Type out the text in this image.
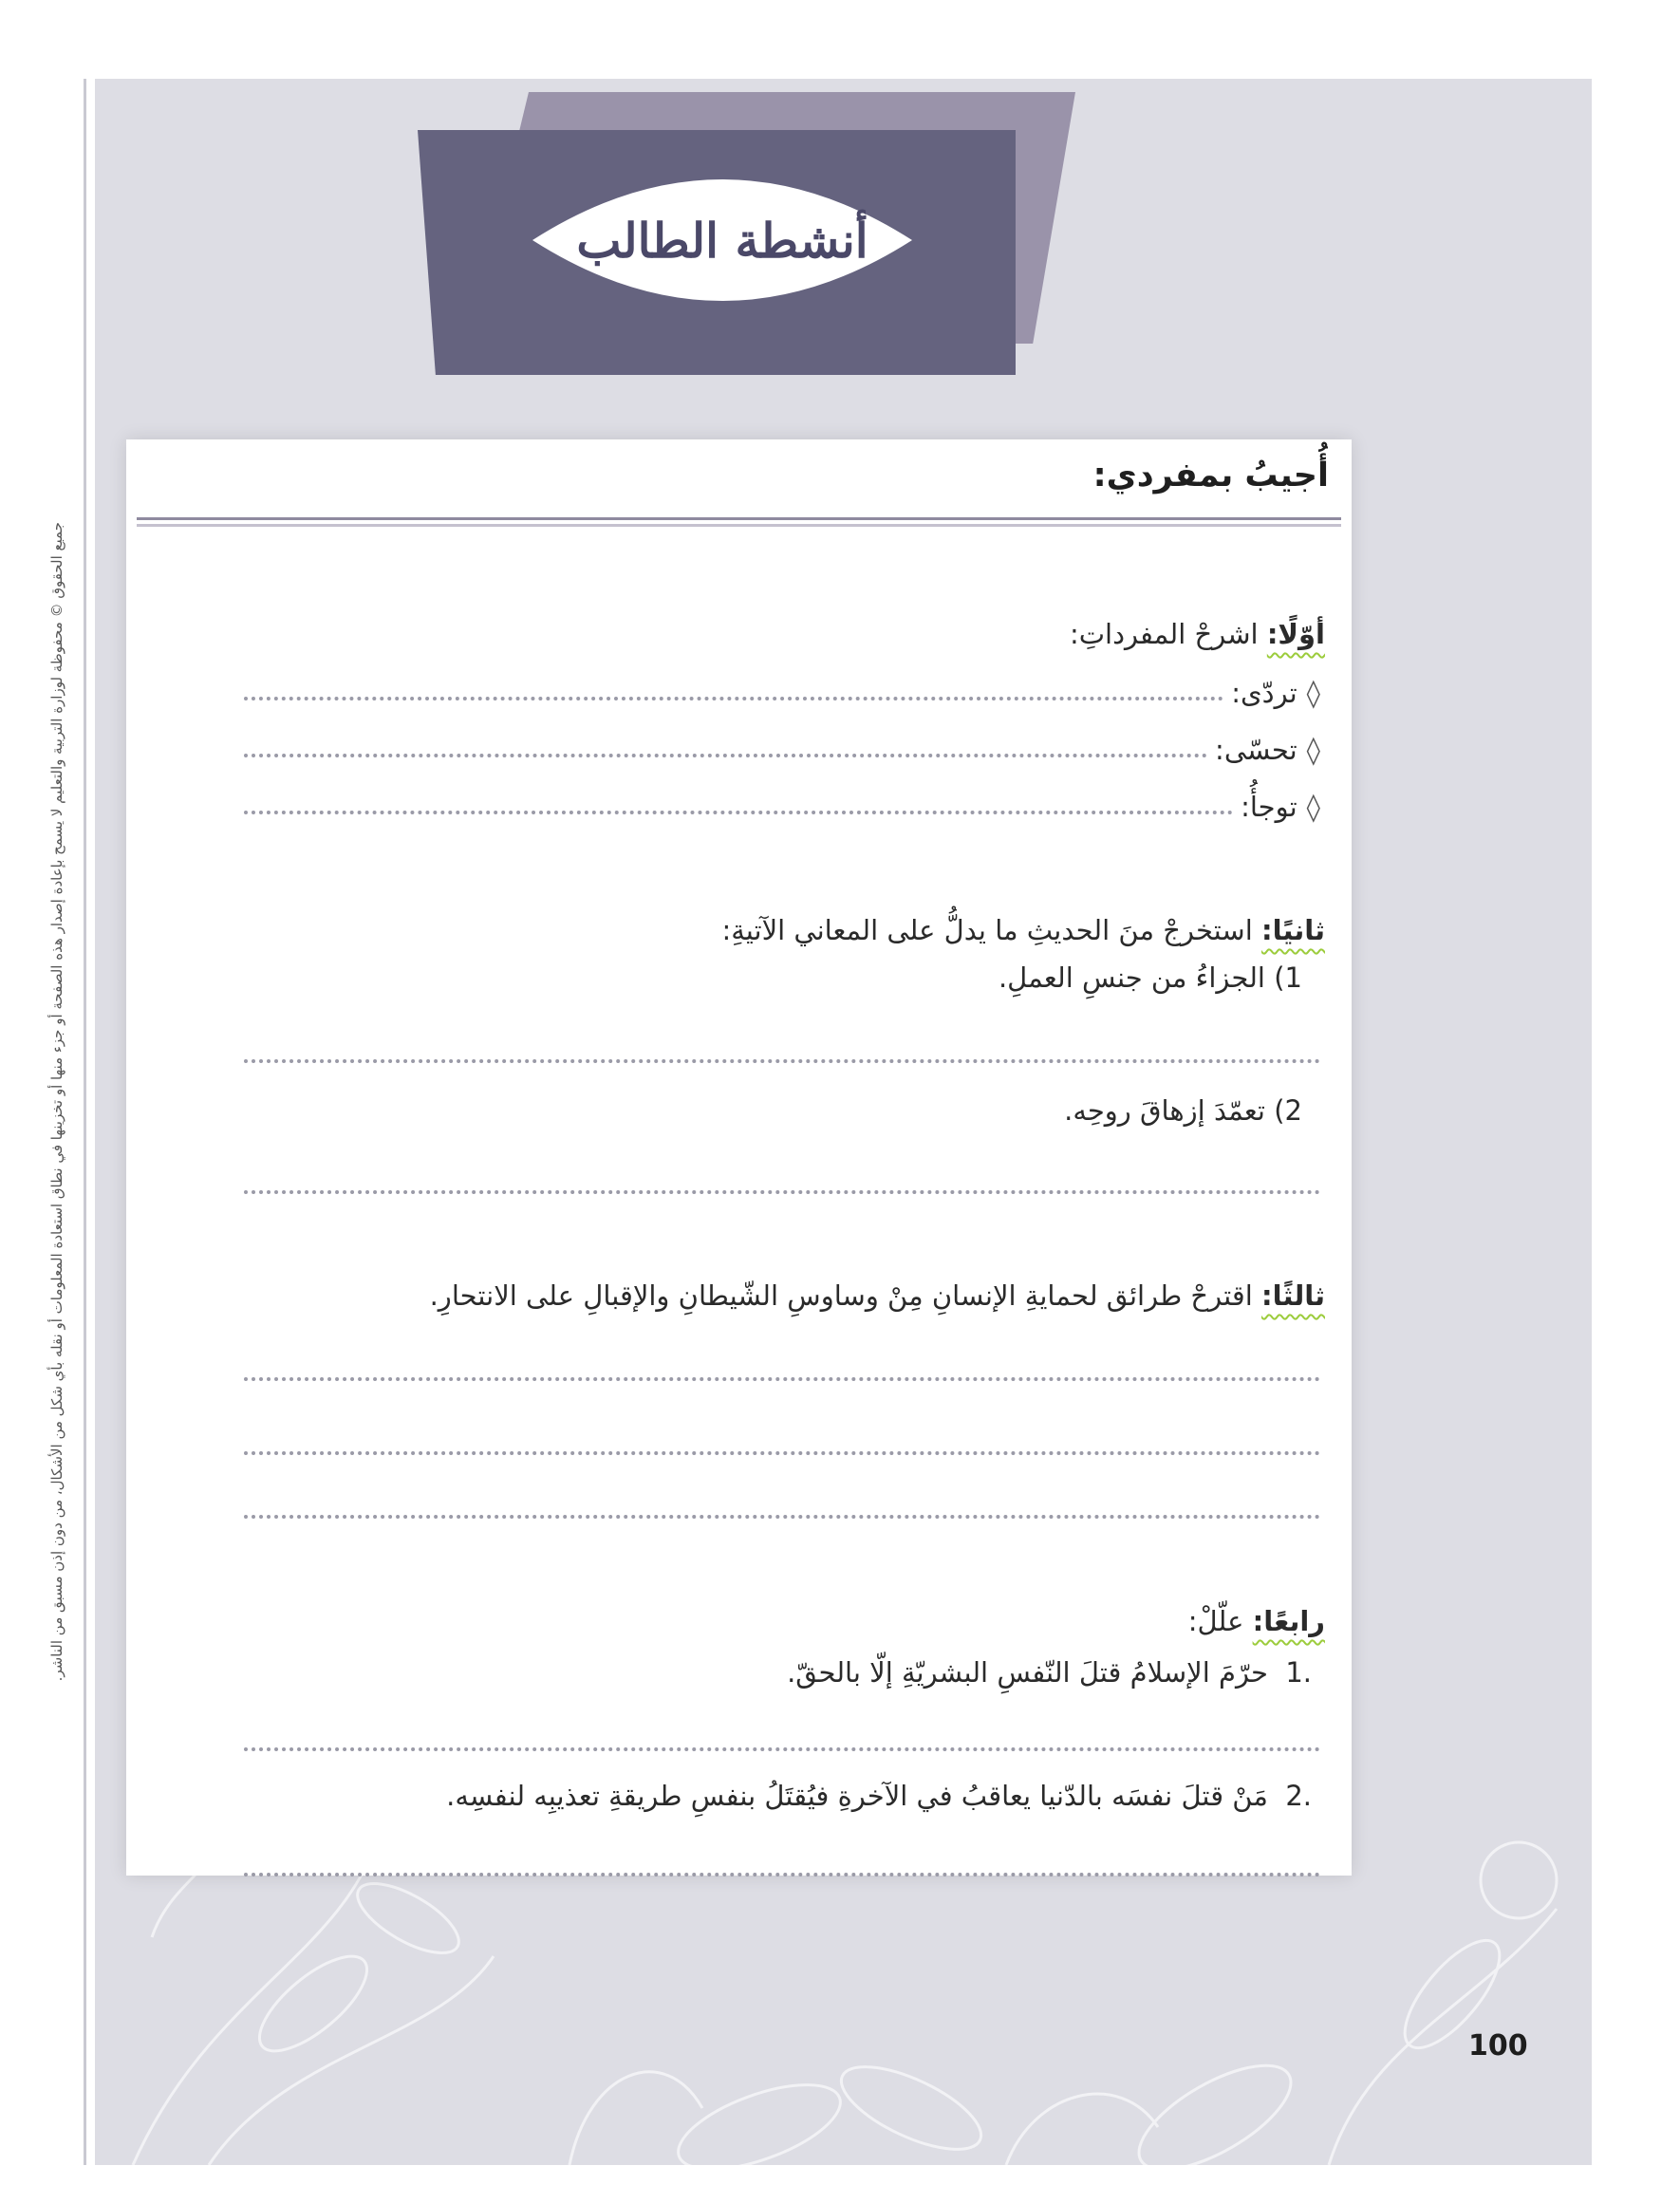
جميع الحقوق © محفوظة لوزارة التربية والتعليم لا يسمح بإعادة إصدار هذه الصفحة أو جزء منها أو تخزينها في نطاق استعادة المعلومات أو نقله بأي شكل من الأشكال، من دون إذن مسبق من الناشر.
أنشطة الطالب
أُجيبُ بمفردي:
أوّلًا: اشرحْ المفرداتِ:
◊
تردّى:
◊
تحسّى:
◊
توجأُ:
ثانيًا: استخرجْ منَ الحديثِ ما يدلُّ على المعاني الآتيةِ:
1) الجزاءُ من جنسِ العملِ.
2) تعمّدَ إزهاقَ روحِه.
ثالثًا: اقترحْ طرائق لحمايةِ الإنسانِ مِنْ وساوسِ الشّيطانِ والإقبالِ على الانتحارِ.
رابعًا: علّلْ:
.1  حرّمَ الإسلامُ قتلَ النّفسِ البشريّةِ إلّا بالحقّ.
.2  مَنْ قتلَ نفسَه بالدّنيا يعاقبُ في الآخرةِ فيُقتَلُ بنفسِ طريقةِ تعذيبِه لنفسِه.
100
